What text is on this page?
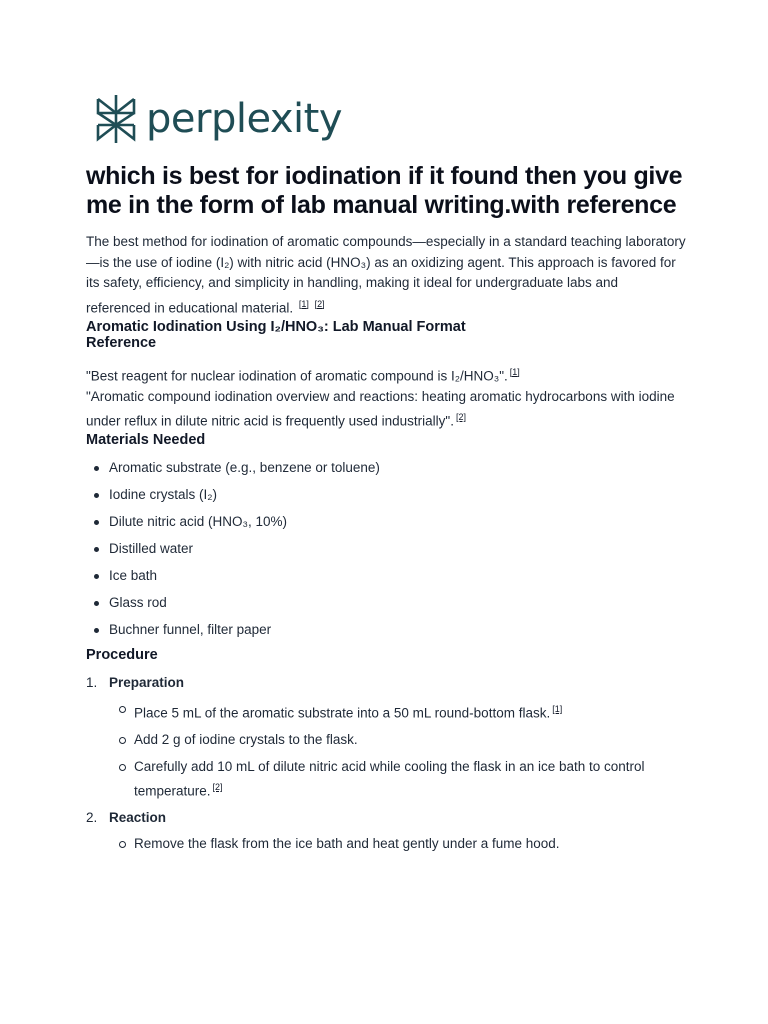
perplexity
which is best for iodination if it found then you give me in the form of lab manual writing.with reference

The best method for iodination of aromatic compounds—especially in a standard teaching laboratory—is the use of iodine (I₂) with nitric acid (HNO₃) as an oxidizing agent. This approach is favored for its safety, efficiency, and simplicity in handling, making it ideal for undergraduate labs and referenced in educational material. [1] [2]

Aromatic Iodination Using I₂/HNO₃: Lab Manual Format
Reference
"Best reagent for nuclear iodination of aromatic compound is I₂/HNO₃". [1]
"Aromatic compound iodination overview and reactions: heating aromatic hydrocarbons with iodine under reflux in dilute nitric acid is frequently used industrially". [2]
Materials Needed
Aromatic substrate (e.g., benzene or toluene)
Iodine crystals (I₂)
Dilute nitric acid (HNO₃, 10%)
Distilled water
Ice bath
Glass rod
Buchner funnel, filter paper
Procedure
1. Preparation
Place 5 mL of the aromatic substrate into a 50 mL round-bottom flask. [1]
Add 2 g of iodine crystals to the flask.
Carefully add 10 mL of dilute nitric acid while cooling the flask in an ice bath to control temperature. [2]
2. Reaction
Remove the flask from the ice bath and heat gently under a fume hood.
